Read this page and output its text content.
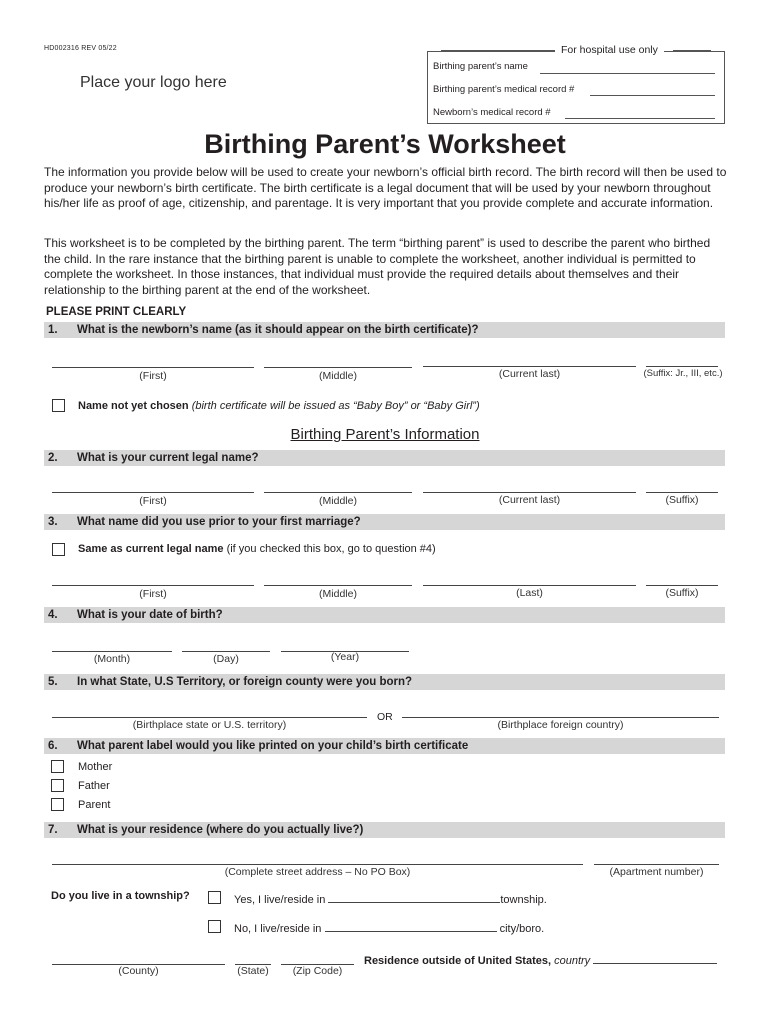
HD002316 REV 05/22
Place your logo here
For hospital use only
Birthing parent’s name
Birthing parent’s medical record #
Newborn’s medical record #
Birthing Parent’s Worksheet
The information you provide below will be used to create your newborn’s official birth record. The birth record will then be used to produce your newborn’s birth certificate. The birth certificate is a legal document that will be used by your newborn throughout his/her life as proof of age, citizenship, and parentage. It is very important that you provide complete and accurate information.
This worksheet is to be completed by the birthing parent. The term “birthing parent” is used to describe the parent who birthed the child. In the rare instance that the birthing parent is unable to complete the worksheet, another individual is permitted to complete the worksheet. In those instances, that individual must provide the required details about themselves and their relationship to the birthing parent at the end of the worksheet.
PLEASE PRINT CLEARLY
1. What is the newborn’s name (as it should appear on the birth certificate)?
(First)	(Middle)	(Current last)	(Suffix: Jr., III, etc.)
Name not yet chosen (birth certificate will be issued as “Baby Boy” or “Baby Girl”)
Birthing Parent’s Information
2. What is your current legal name?
(First)	(Middle)	(Current last)	(Suffix)
3. What name did you use prior to your first marriage?
Same as current legal name (if you checked this box, go to question #4)
(First)	(Middle)	(Last)	(Suffix)
4. What is your date of birth?
(Month)	(Day)	(Year)
5. In what State, U.S Territory, or foreign county were you born?
OR
(Birthplace state or U.S. territory)	(Birthplace foreign country)
6. What parent label would you like printed on your child’s birth certificate
Mother
Father
Parent
7. What is your residence (where do you actually live?)
(Complete street address – No PO Box)	(Apartment number)
Do you live in a township?	Yes, I live/reside in	township.
No, I live/reside in	city/boro.
(County)	(State)	(Zip Code)
Residence outside of United States, country
